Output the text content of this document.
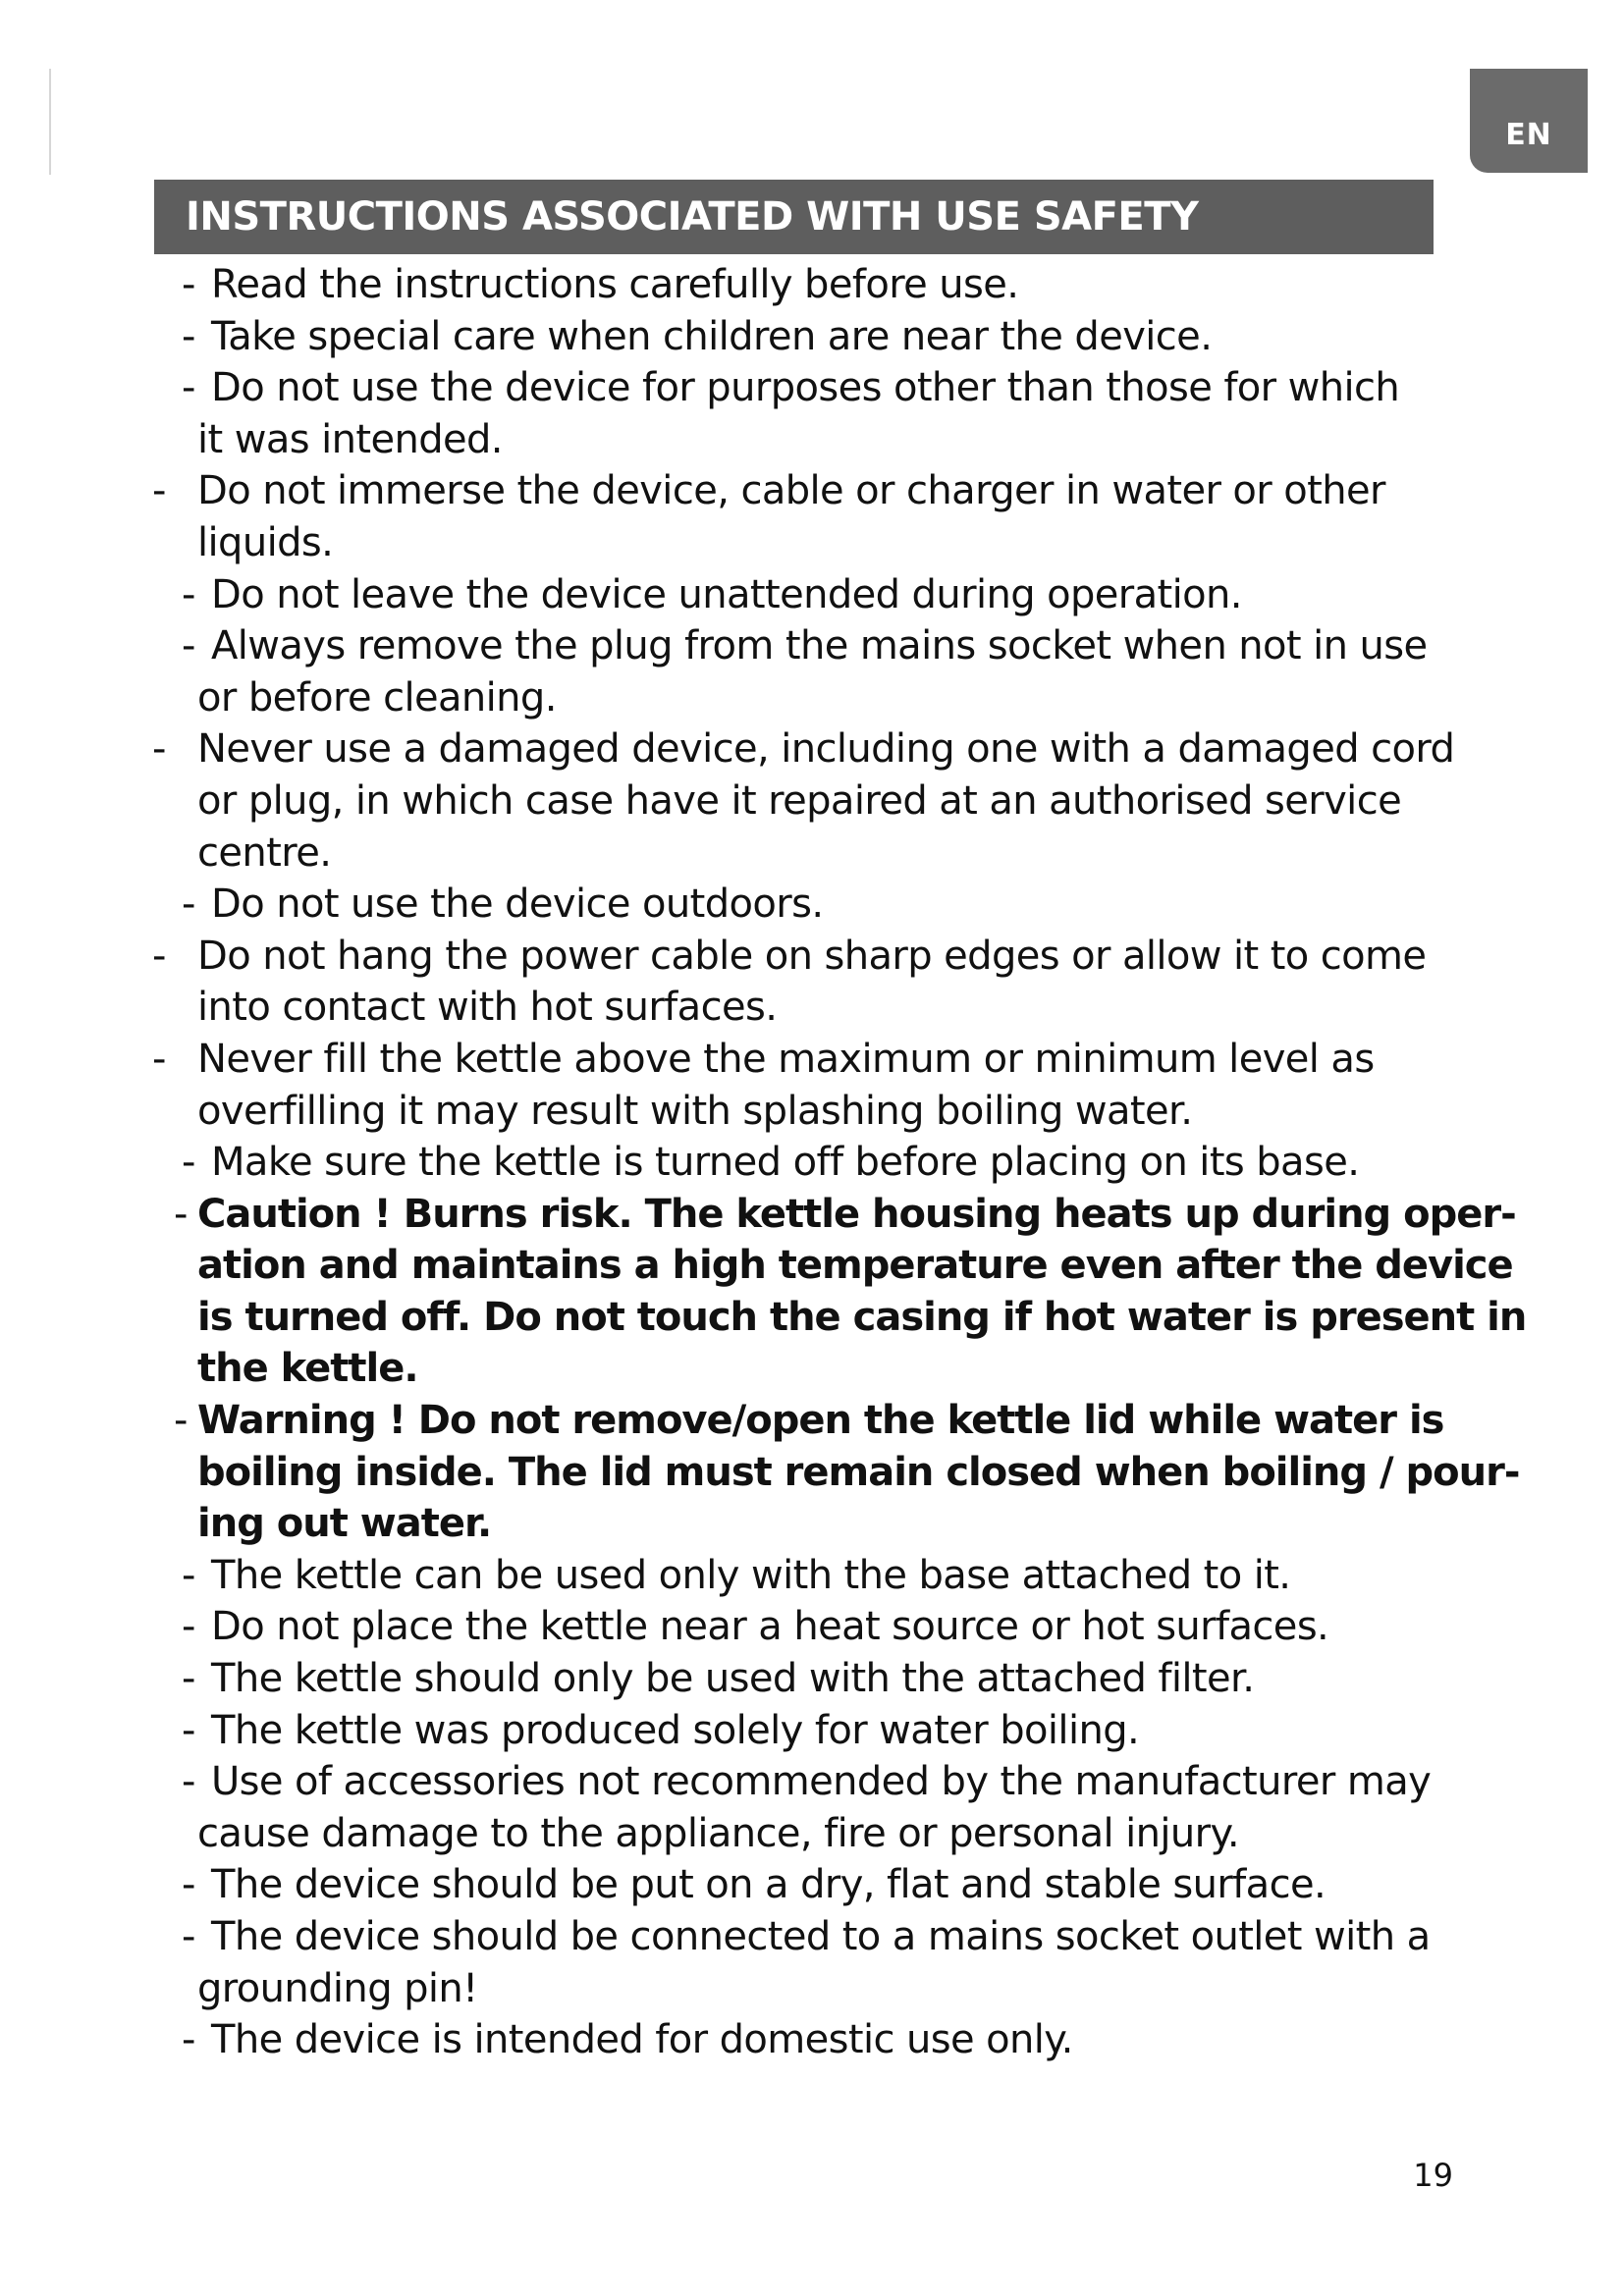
EN
INSTRUCTIONS ASSOCIATED WITH USE SAFETY
- Read the instructions carefully before use.
- Take special care when children are near the device.
- Do not use the device for purposes other than those for which
it was intended.
- Do not immerse the device, cable or charger in water or other
liquids.
- Do not leave the device unattended during operation.
- Always remove the plug from the mains socket when not in use
or before cleaning.
- Never use a damaged device, including one with a damaged cord
or plug, in which case have it repaired at an authorised service
centre.
- Do not use the device outdoors.
- Do not hang the power cable on sharp edges or allow it to come
into contact with hot surfaces.
- Never fill the kettle above the maximum or minimum level as
overfilling it may result with splashing boiling water.
- Make sure the kettle is turned off before placing on its base.
- Caution ! Burns risk. The kettle housing heats up during oper-
ation and maintains a high temperature even after the device
is turned off. Do not touch the casing if hot water is present in
the kettle.
- Warning ! Do not remove/open the kettle lid while water is
boiling inside. The lid must remain closed when boiling / pour-
ing out water.
- The kettle can be used only with the base attached to it.
- Do not place the kettle near a heat source or hot surfaces.
- The kettle should only be used with the attached filter.
- The kettle was produced solely for water boiling.
- Use of accessories not recommended by the manufacturer may
cause damage to the appliance, fire or personal injury.
- The device should be put on a dry, flat and stable surface.
- The device should be connected to a mains socket outlet with a
grounding pin!
- The device is intended for domestic use only.
19
